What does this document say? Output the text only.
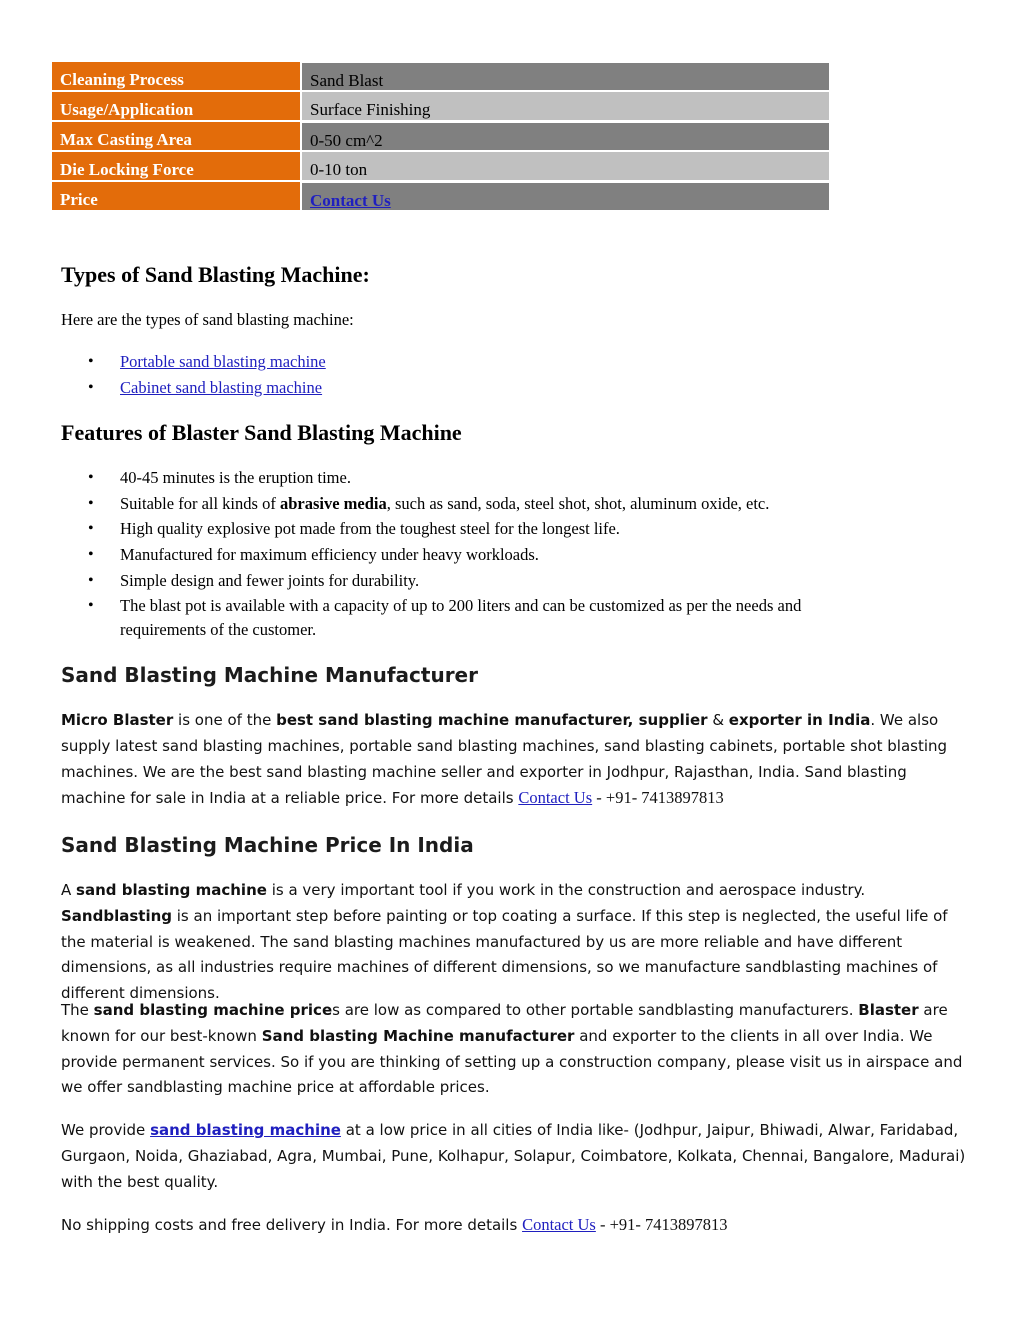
Cleaning Process	Sand Blast
Usage/Application	Surface Finishing
Max Casting Area	0-50 cm^2
Die Locking Force	0-10 ton
Price	Contact Us
Types of Sand Blasting Machine:

Here are the types of sand blasting machine:

• Portable sand blasting machine
• Cabinet sand blasting machine
Features of Blaster Sand Blasting Machine
• 40-45 minutes is the eruption time.
• Suitable for all kinds of abrasive media, such as sand, soda, steel shot, shot, aluminum oxide, etc.
• High quality explosive pot made from the toughest steel for the longest life.
• Manufactured for maximum efficiency under heavy workloads.
• Simple design and fewer joints for durability.
• The blast pot is available with a capacity of up to 200 liters and can be customized as per the needs and requirements of the customer.
Sand Blasting Machine Manufacturer

Micro Blaster is one of the best sand blasting machine manufacturer, supplier & exporter in India. We also supply latest sand blasting machines, portable sand blasting machines, sand blasting cabinets, portable shot blasting machines. We are the best sand blasting machine seller and exporter in Jodhpur, Rajasthan, India. Sand blasting machine for sale in India at a reliable price. For more details Contact Us - +91- 7413897813

Sand Blasting Machine Price In India

A sand blasting machine is a very important tool if you work in the construction and aerospace industry. Sandblasting is an important step before painting or top coating a surface. If this step is neglected, the useful life of the material is weakened. The sand blasting machines manufactured by us are more reliable and have different dimensions, as all industries require machines of different dimensions, so we manufacture sandblasting machines of different dimensions.

The sand blasting machine prices are low as compared to other portable sandblasting manufacturers. Blaster are known for our best-known Sand blasting Machine manufacturer and exporter to the clients in all over India. We provide permanent services. So if you are thinking of setting up a construction company, please visit us in airspace and we offer sandblasting machine price at affordable prices.

We provide sand blasting machine at a low price in all cities of India like- (Jodhpur, Jaipur, Bhiwadi, Alwar, Faridabad, Gurgaon, Noida, Ghaziabad, Agra, Mumbai, Pune, Kolhapur, Solapur, Coimbatore, Kolkata, Chennai, Bangalore, Madurai) with the best quality.

No shipping costs and free delivery in India. For more details Contact Us - +91- 7413897813
